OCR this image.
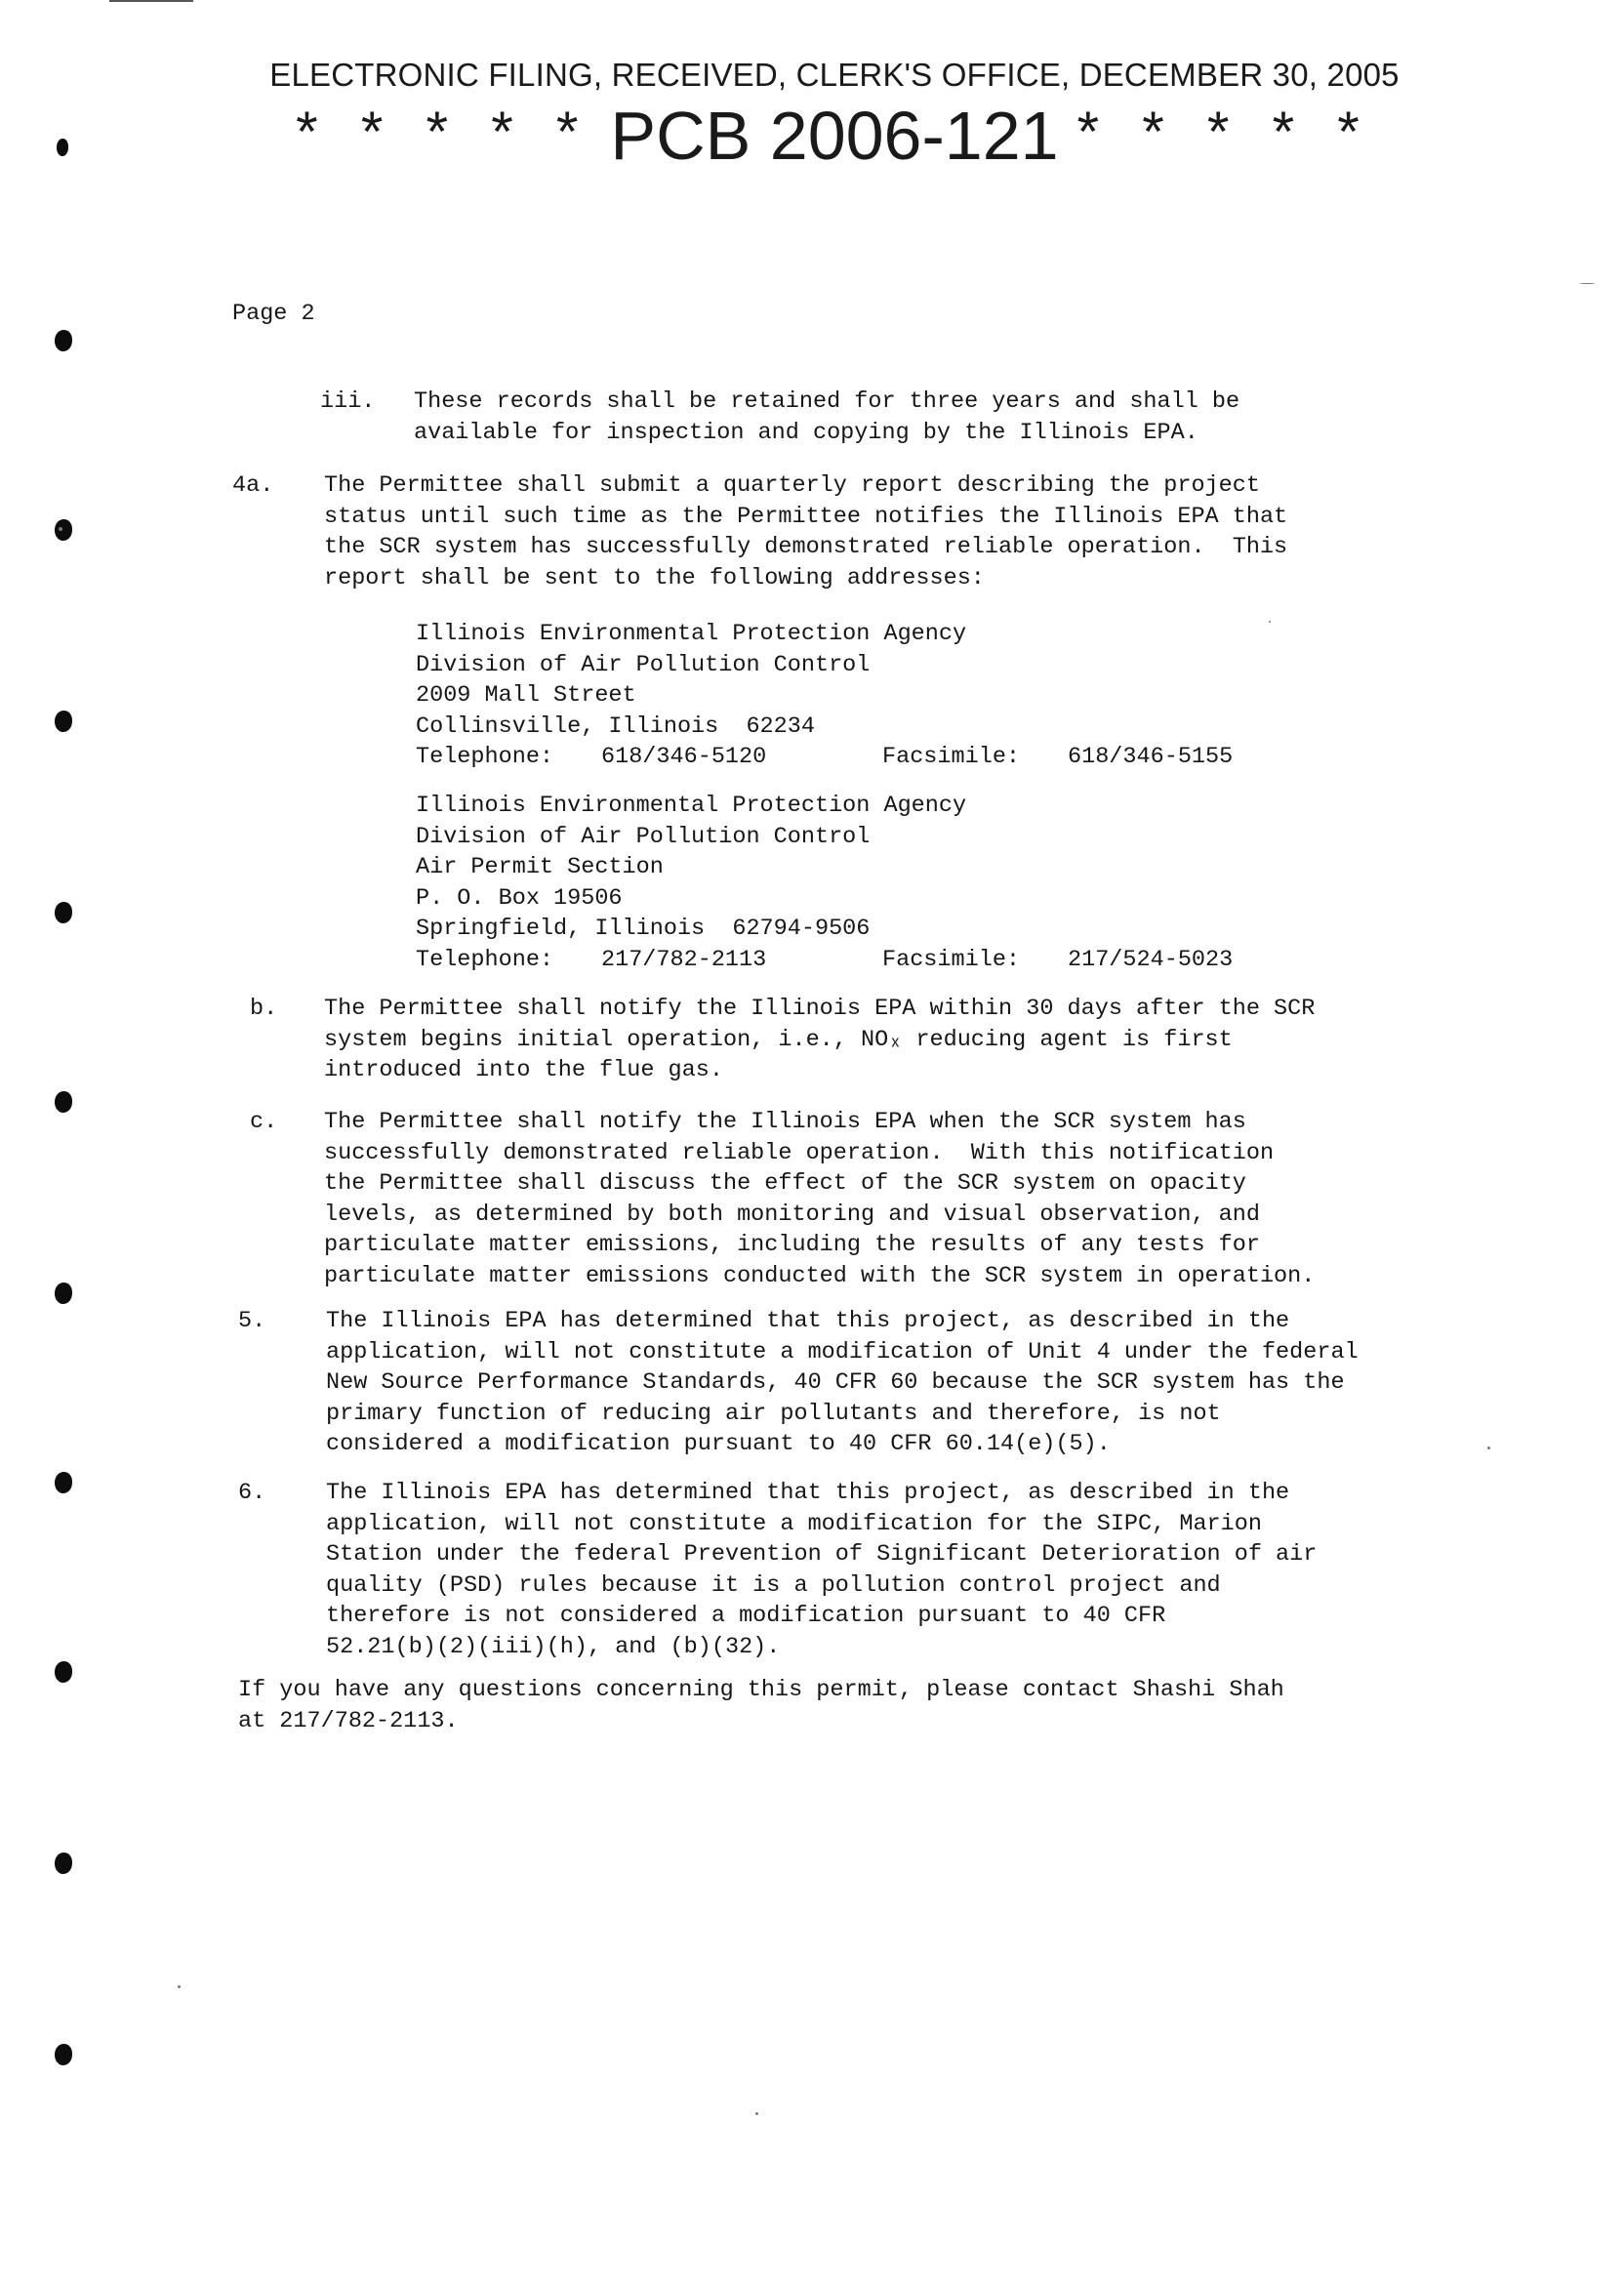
ELECTRONIC FILING, RECEIVED, CLERK'S OFFICE, DECEMBER 30, 2005
* * * * * PCB 2006-121 * * * * *
Page 2
iii. These records shall be retained for three years and shall be
available for inspection and copying by the Illinois EPA.
4a. The Permittee shall submit a quarterly report describing the project
status until such time as the Permittee notifies the Illinois EPA that
the SCR system has successfully demonstrated reliable operation.  This
report shall be sent to the following addresses:
Illinois Environmental Protection Agency
Division of Air Pollution Control
2009 Mall Street
Collinsville, Illinois  62234
Telephone: 618/346-5120	Facsimile: 618/346-5155
Illinois Environmental Protection Agency
Division of Air Pollution Control
Air Permit Section
P. O. Box 19506
Springfield, Illinois  62794-9506
Telephone: 217/782-2113	Facsimile: 217/524-5023
b. The Permittee shall notify the Illinois EPA within 30 days after the SCR
system begins initial operation, i.e., NOₓ reducing agent is first
introduced into the flue gas.
c. The Permittee shall notify the Illinois EPA when the SCR system has
successfully demonstrated reliable operation.  With this notification
the Permittee shall discuss the effect of the SCR system on opacity
levels, as determined by both monitoring and visual observation, and
particulate matter emissions, including the results of any tests for
particulate matter emissions conducted with the SCR system in operation.
5.	The Illinois EPA has determined that this project, as described in the
application, will not constitute a modification of Unit 4 under the federal
New Source Performance Standards, 40 CFR 60 because the SCR system has the
primary function of reducing air pollutants and therefore, is not
considered a modification pursuant to 40 CFR 60.14(e)(5).
6.	The Illinois EPA has determined that this project, as described in the
application, will not constitute a modification for the SIPC, Marion
Station under the federal Prevention of Significant Deterioration of air
quality (PSD) rules because it is a pollution control project and
therefore is not considered a modification pursuant to 40 CFR
52.21(b)(2)(iii)(h), and (b)(32).
If you have any questions concerning this permit, please contact Shashi Shah
at 217/782-2113.
